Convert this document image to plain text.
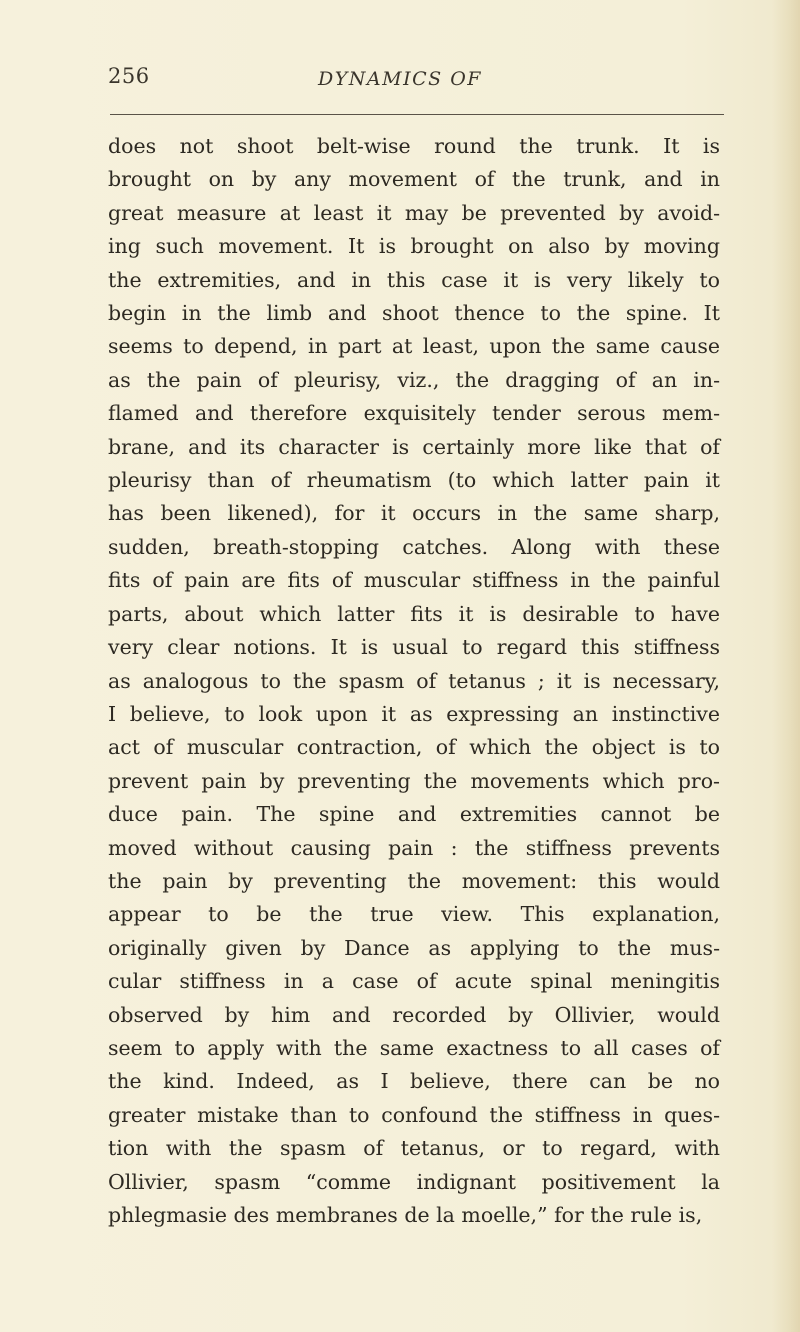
256	DYNAMICS OF
does not shoot belt-wise round the trunk. It is
brought on by any movement of the trunk, and in
great measure at least it may be prevented by avoid-
ing such movement. It is brought on also by moving
the extremities, and in this case it is very likely to
begin in the limb and shoot thence to the spine. It
seems to depend, in part at least, upon the same cause
as the pain of pleurisy, viz., the dragging of an in-
flamed and therefore exquisitely tender serous mem-
brane, and its character is certainly more like that of
pleurisy than of rheumatism (to which latter pain it
has been likened), for it occurs in the same sharp,
sudden, breath-stopping catches. Along with these
fits of pain are fits of muscular stiffness in the painful
parts, about which latter fits it is desirable to have
very clear notions. It is usual to regard this stiffness
as analogous to the spasm of tetanus ; it is necessary,
I believe, to look upon it as expressing an instinctive
act of muscular contraction, of which the object is to
prevent pain by preventing the movements which pro-
duce pain. The spine and extremities cannot be
moved without causing pain : the stiffness prevents
the pain by preventing the movement: this would
appear to be the true view. This explanation,
originally given by Dance as applying to the mus-
cular stiffness in a case of acute spinal meningitis
observed by him and recorded by Ollivier, would
seem to apply with the same exactness to all cases of
the kind. Indeed, as I believe, there can be no
greater mistake than to confound the stiffness in ques-
tion with the spasm of tetanus, or to regard, with
Ollivier, spasm “comme indignant positivement la
phlegmasie des membranes de la moelle,” for the rule is,
